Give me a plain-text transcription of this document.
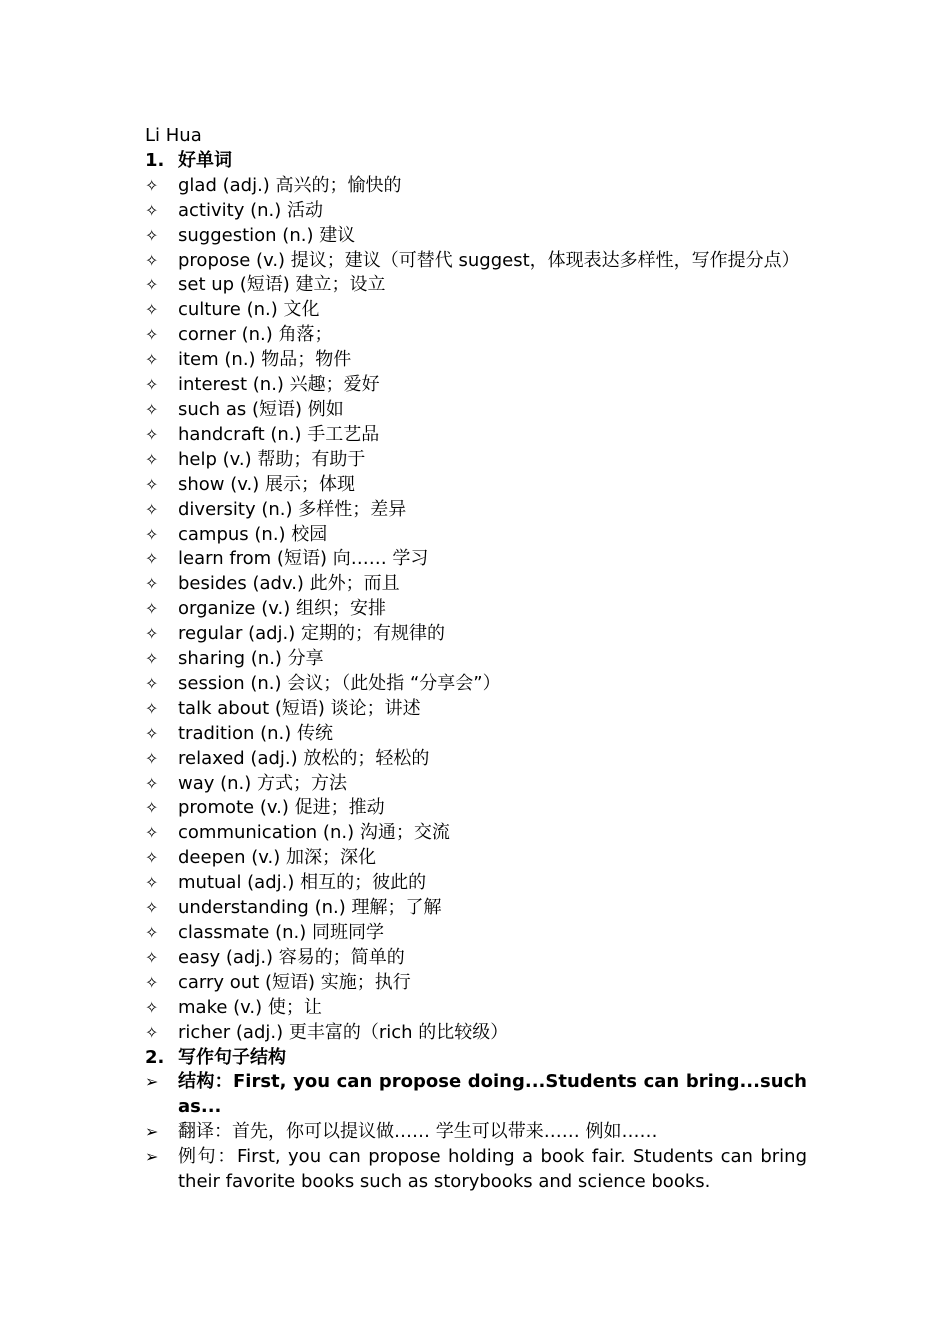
Li Hua
1. 好单词
✧	glad (adj.) 高兴的；愉快的
✧	activity (n.) 活动
✧	suggestion (n.) 建议
✧	propose (v.) 提议；建议（可替代 suggest，体现表达多样性，写作提分点）
✧	set up (短语) 建立；设立
✧	culture (n.) 文化
✧	corner (n.) 角落；
✧	item (n.) 物品；物件
✧	interest (n.) 兴趣；爱好
✧	such as (短语) 例如
✧	handcraft (n.) 手工艺品
✧	help (v.) 帮助；有助于
✧	show (v.) 展示；体现
✧	diversity (n.) 多样性；差异
✧	campus (n.) 校园
✧	learn from (短语) 向…… 学习
✧	besides (adv.) 此外；而且
✧	organize (v.) 组织；安排
✧	regular (adj.) 定期的；有规律的
✧	sharing (n.) 分享
✧	session (n.) 会议；（此处指 “分享会”）
✧	talk about (短语) 谈论；讲述
✧	tradition (n.) 传统
✧	relaxed (adj.) 放松的；轻松的
✧	way (n.) 方式；方法
✧	promote (v.) 促进；推动
✧	communication (n.) 沟通；交流
✧	deepen (v.) 加深；深化
✧	mutual (adj.) 相互的；彼此的
✧	understanding (n.) 理解；了解
✧	classmate (n.) 同班同学
✧	easy (adj.) 容易的；简单的
✧	carry out (短语) 实施；执行
✧	make (v.) 使；让
✧	richer (adj.) 更丰富的（rich 的比较级）
2. 写作句子结构
➢	结构：First, you can propose doing...Students can bring...such as...
➢	翻译：首先，你可以提议做…… 学生可以带来…… 例如……
➢	例句：First, you can propose holding a book fair. Students can bring their favorite books such as storybooks and science books.
